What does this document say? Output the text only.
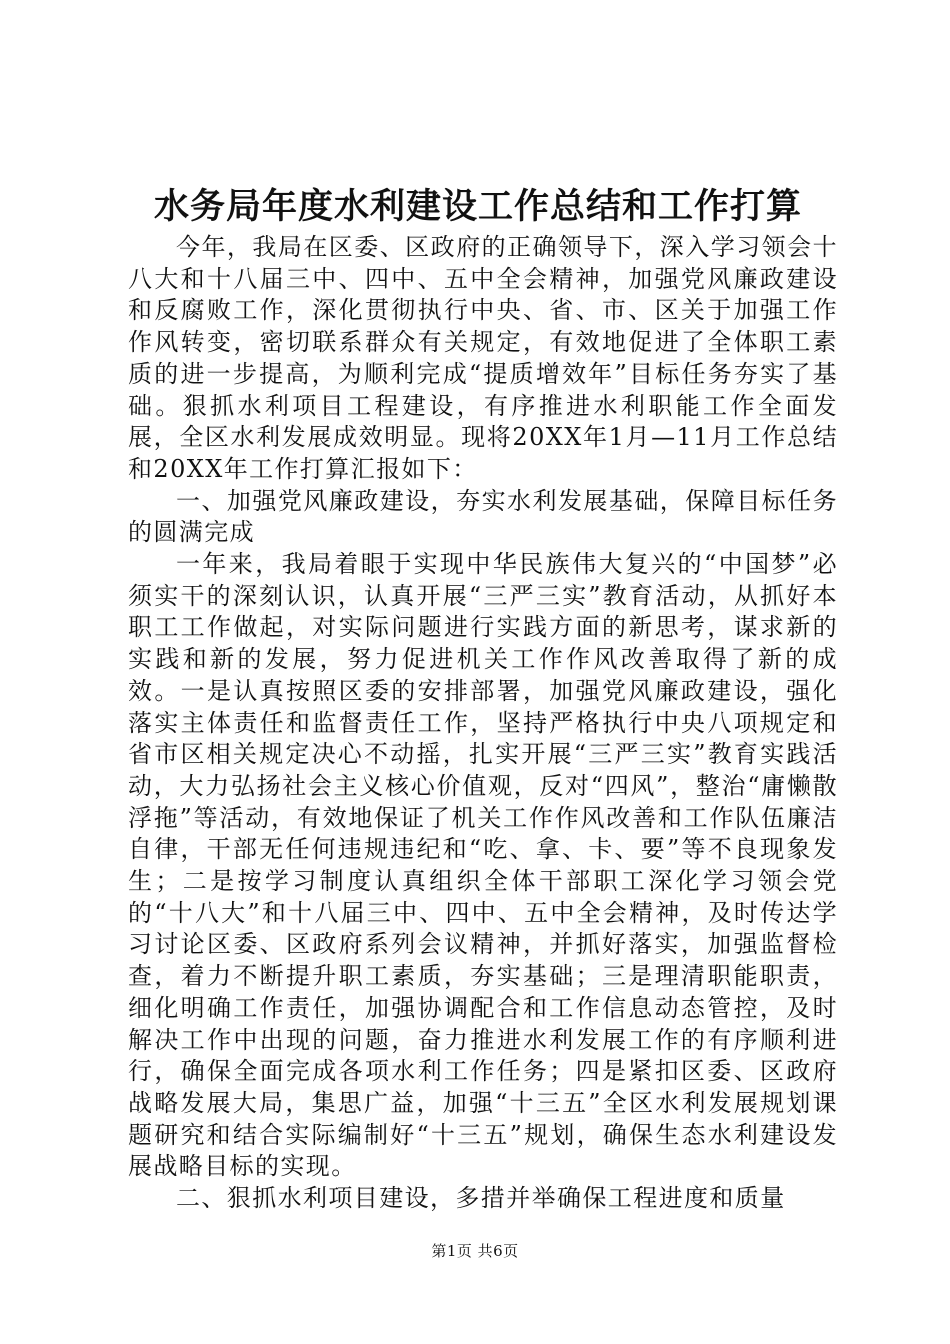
水务局年度水利建设工作总结和工作打算

今年，我局在区委、区政府的正确领导下，深入学习领会十八大和十八届三中、四中、五中全会精神，加强党风廉政建设和反腐败工作，深化贯彻执行中央、省、市、区关于加强工作作风转变，密切联系群众有关规定，有效地促进了全体职工素质的进一步提高，为顺利完成“提质增效年”目标任务夯实了基础。狠抓水利项目工程建设，有序推进水利职能工作全面发展，全区水利发展成效明显。现将20XX年1月—11月工作总结和20XX年工作打算汇报如下：

一、加强党风廉政建设，夯实水利发展基础，保障目标任务的圆满完成

一年来，我局着眼于实现中华民族伟大复兴的“中国梦”必须实干的深刻认识，认真开展“三严三实”教育活动，从抓好本职工工作做起，对实际问题进行实践方面的新思考，谋求新的实践和新的发展，努力促进机关工作作风改善取得了新的成效。一是认真按照区委的安排部署，加强党风廉政建设，强化落实主体责任和监督责任工作，坚持严格执行中央八项规定和省市区相关规定决心不动摇，扎实开展“三严三实”教育实践活动，大力弘扬社会主义核心价值观，反对“四风”，整治“庸懒散浮拖”等活动，有效地保证了机关工作作风改善和工作队伍廉洁自律，干部无任何违规违纪和“吃、拿、卡、要”等不良现象发生；二是按学习制度认真组织全体干部职工深化学习领会党的“十八大”和十八届三中、四中、五中全会精神，及时传达学习讨论区委、区政府系列会议精神，并抓好落实，加强监督检查，着力不断提升职工素质，夯实基础；三是理清职能职责，细化明确工作责任，加强协调配合和工作信息动态管控，及时解决工作中出现的问题，奋力推进水利发展工作的有序顺利进行，确保全面完成各项水利工作任务；四是紧扣区委、区政府战略发展大局，集思广益，加强“十三五”全区水利发展规划课题研究和结合实际编制好“十三五”规划，确保生态水利建设发展战略目标的实现。

二、狠抓水利项目建设，多措并举确保工程进度和质量

第1页 共6页
